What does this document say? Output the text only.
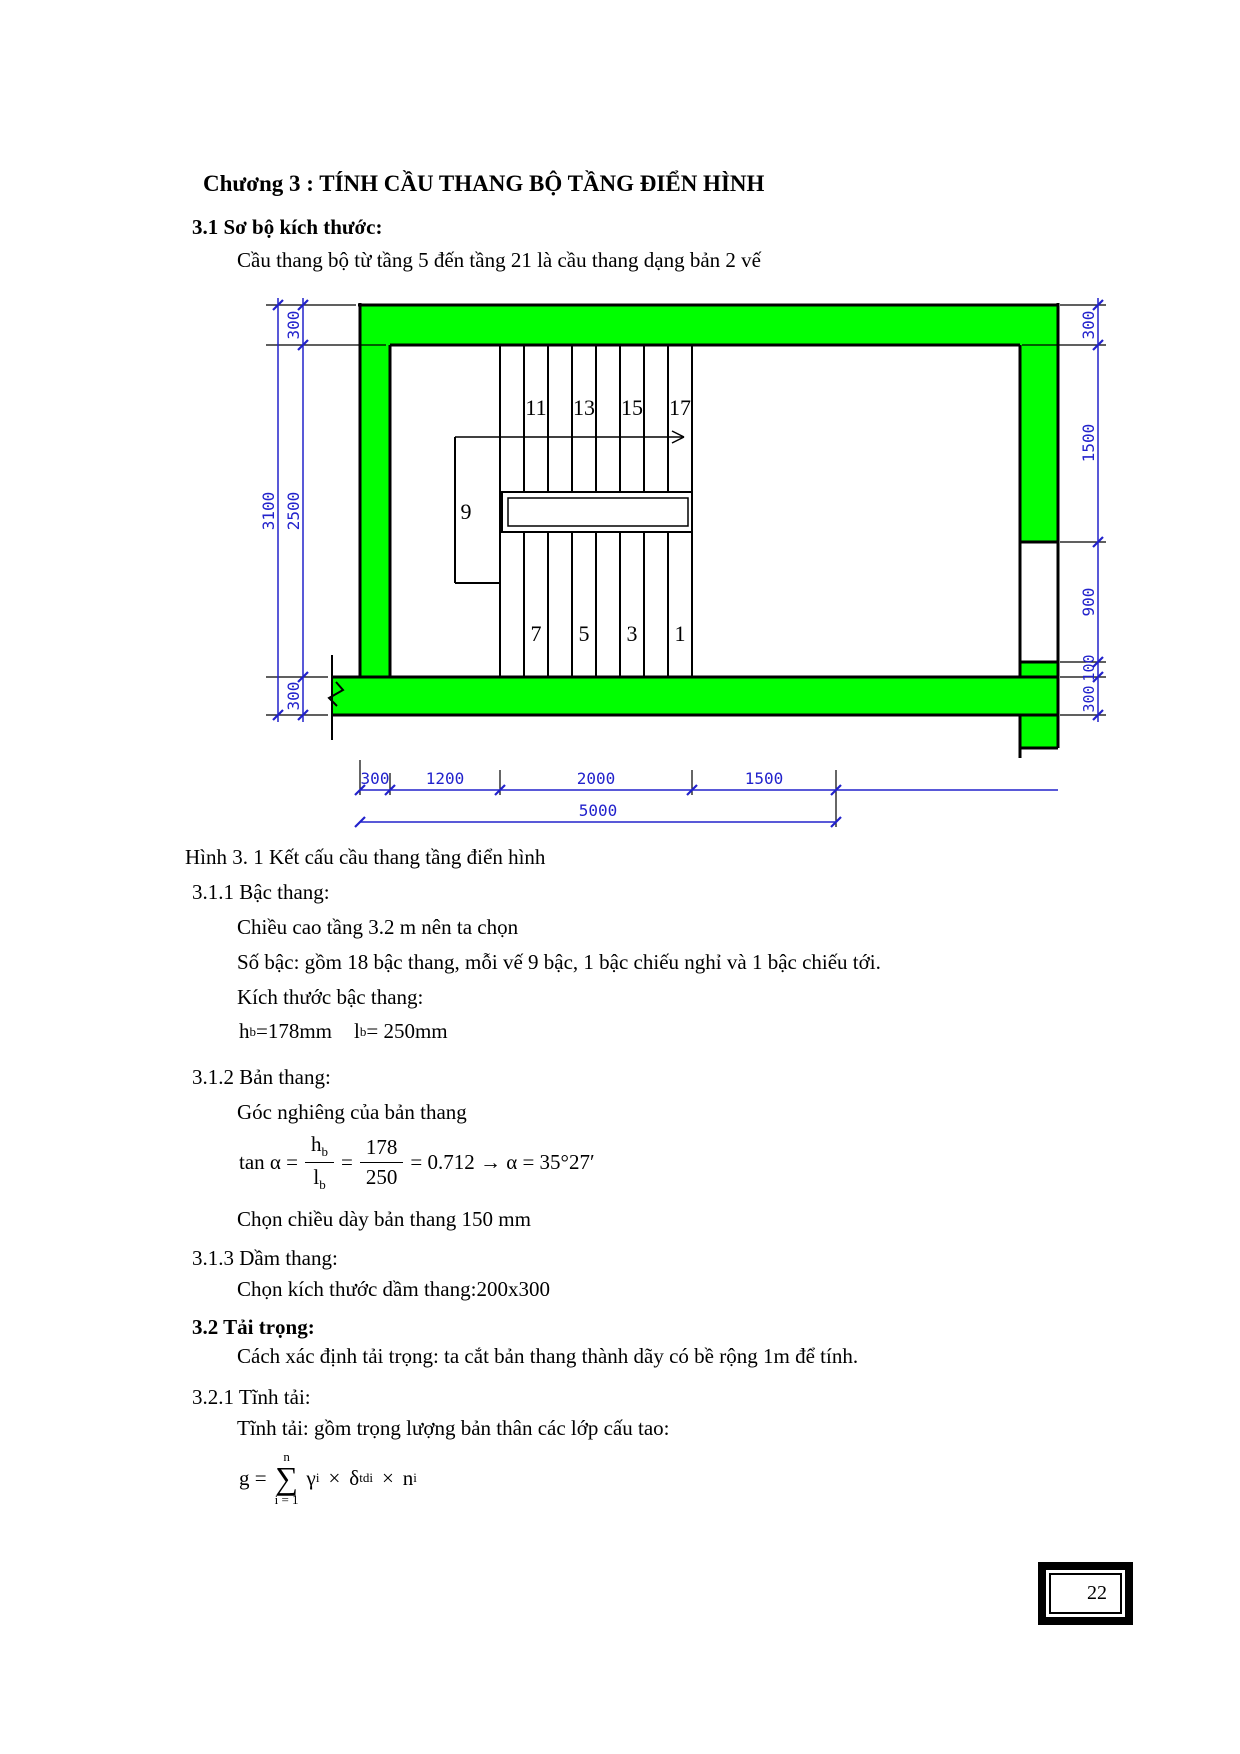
Chương 3 : TÍNH CẦU THANG BỘ TẦNG ĐIỂN HÌNH
3.1 Sơ bộ kích thước:
Cầu thang bộ từ tầng 5 đến tầng 21 là cầu thang dạng bản 2 vế
11 13 15 17
9
7 5 3 1
3100
300
2500
300
300
1500
900
100
300
300 1200	2000	1500
5000
Hình 3. 1 Kết cấu cầu thang tầng điển hình
3.1.1 Bậc thang:
Chiều cao tầng 3.2 m nên ta chọn
Số bậc: gồm 18 bậc thang, mỗi vế 9 bậc, 1 bậc chiếu nghỉ và 1 bậc chiếu tới.
Kích thước bậc thang:
h b =178mm l b = 250mm
3.1.2 Bản thang:
Góc nghiêng của bản thang
$\tan \alpha = \frac{h_b}{l_b} = \frac{178}{250} = 0.712 \to \alpha = 35^\circ 27'$
Chọn chiều dày bản thang 150 mm
3.1.3 Dầm thang:
Chọn kích thước dầm thang:200x300
3.2 Tải trọng:
Cách xác định tải trọng: ta cắt bản thang thành dãy có bề rộng 1m để tính.
3.2.1 Tĩnh tải:
Tĩnh tải: gồm trọng lượng bản thân các lớp cấu tao:
g =
n
∑
i = 1
γ i × δ tdi × n i
22
